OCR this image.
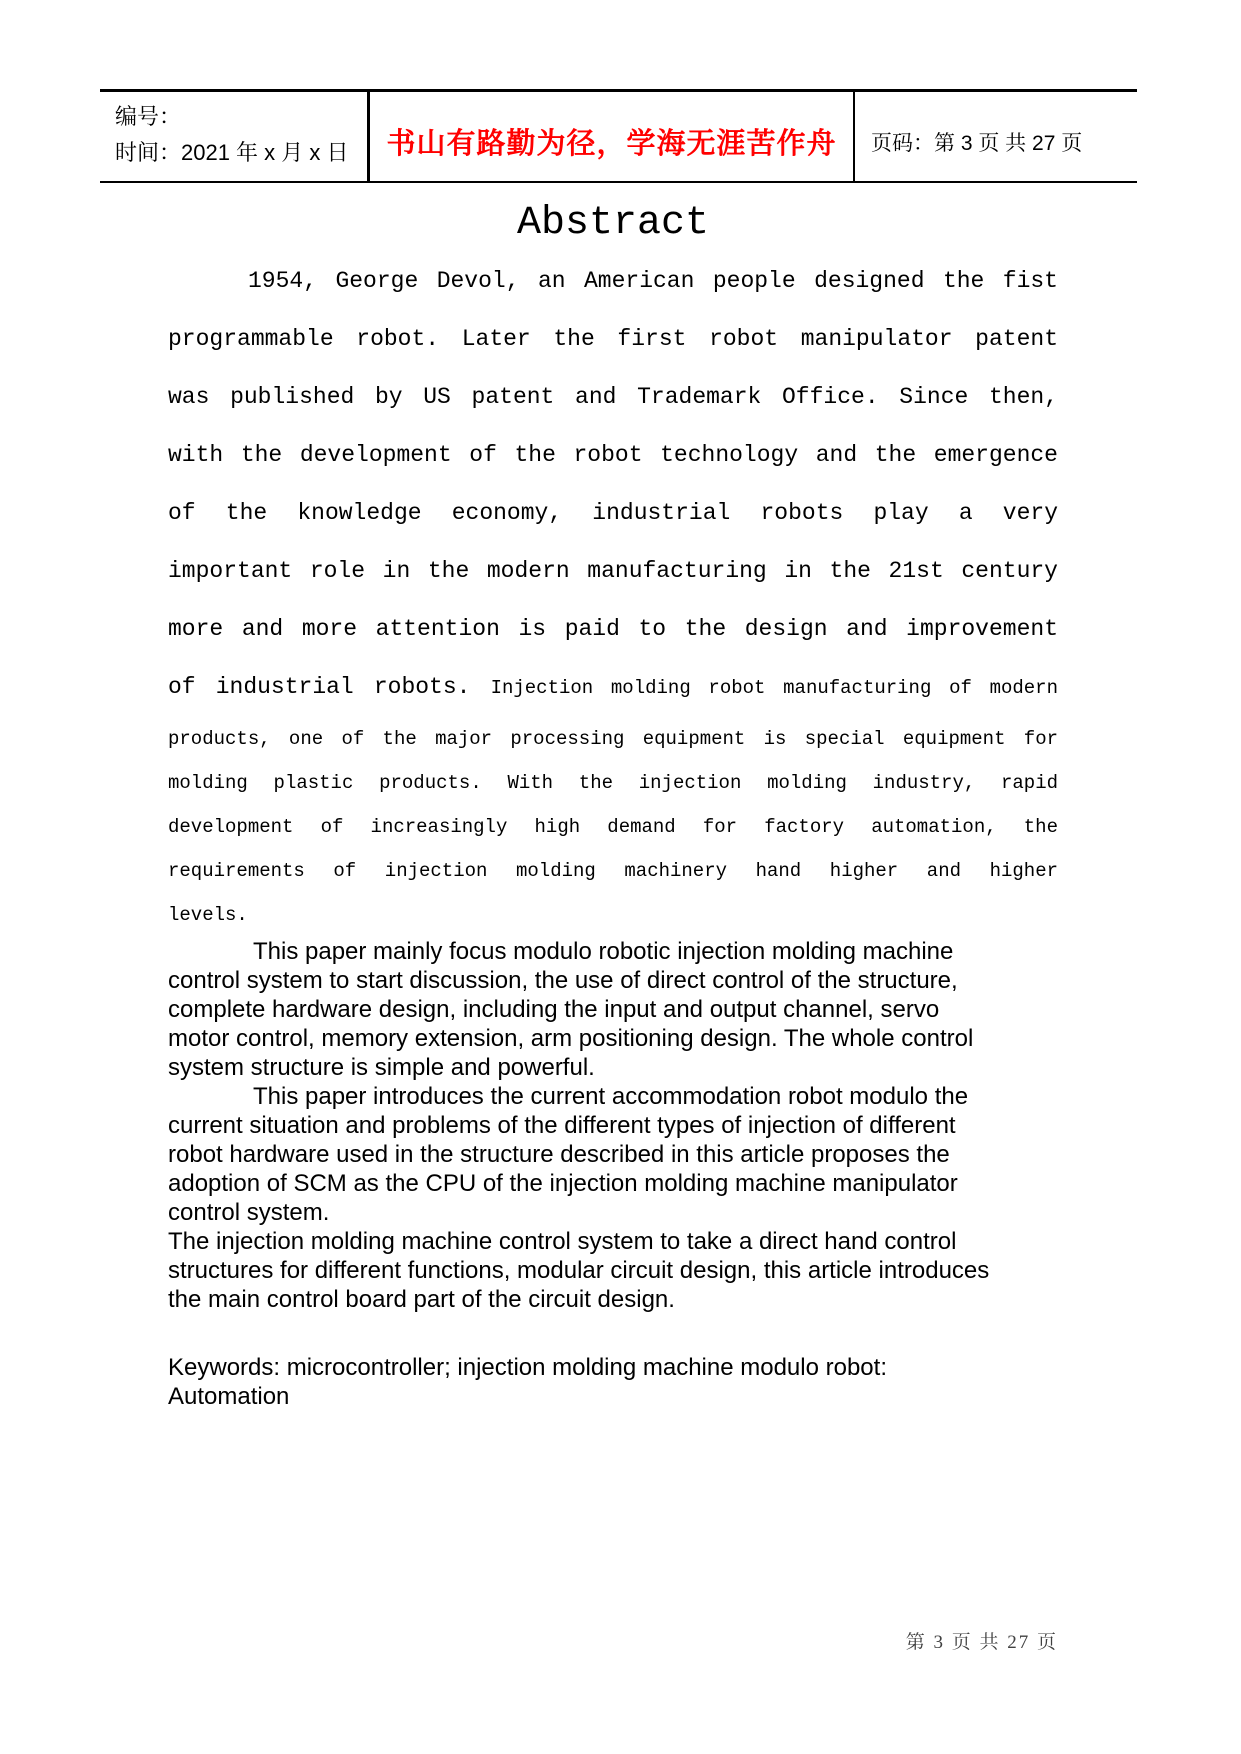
编号：
时间：2021 年 x 月 x 日	书山有路勤为径，学海无涯苦作舟 页码：第 3 页 共 27 页
Abstract
1954, George Devol, an American people designed the fist
programmable robot. Later the first robot manipulator patent
was published by US patent and Trademark Office. Since then,
with the development of the robot technology and the emergence
of the knowledge economy, industrial robots play a very
important role in the modern manufacturing in the 21st century
more and more attention is paid to the design and improvement
of industrial robots. Injection molding robot manufacturing of modern
products, one of the major processing equipment is special equipment for
molding plastic products. With the injection molding industry, rapid
development of increasingly high demand for factory automation, the
requirements of injection molding machinery hand higher and higher
levels.
This paper mainly focus modulo robotic injection molding machine
control system to start discussion, the use of direct control of the structure,
complete hardware design, including the input and output channel, servo
motor control, memory extension, arm positioning design. The whole control
system structure is simple and powerful.
This paper introduces the current accommodation robot modulo the
current situation and problems of the different types of injection of different
robot hardware used in the structure described in this article proposes the
adoption of SCM as the CPU of the injection molding machine manipulator
control system.
The injection molding machine control system to take a direct hand control
structures for different functions, modular circuit design, this article introduces
the main control board part of the circuit design.
Keywords: microcontroller; injection molding machine modulo robot:
Automation
第 3 页 共 27 页
